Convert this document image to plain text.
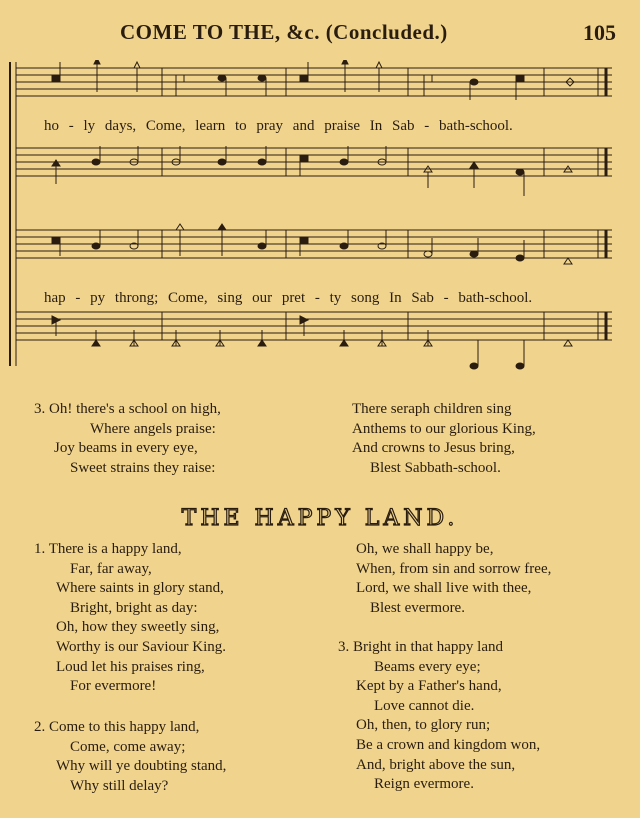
COME TO THE, &c. (Concluded.)	105
ho - ly days, Come, learn to pray and praise In Sab - bath-school.
hap - py throng; Come, sing our pret - ty song In Sab - bath-school.
3. Oh! there's a school on high,
Where angels praise:
Joy beams in every eye,
Sweet strains they raise:
There seraph children sing
Anthems to our glorious King,
And crowns to Jesus bring,
Blest Sabbath-school.
THE HAPPY LAND.
1. There is a happy land,
Far, far away,
Where saints in glory stand,
Bright, bright as day:
Oh, how they sweetly sing,
Worthy is our Saviour King.
Loud let his praises ring,
For evermore!
2. Come to this happy land,
Come, come away;
Why will ye doubting stand,
Why still delay?
Oh, we shall happy be,
When, from sin and sorrow free,
Lord, we shall live with thee,
Blest evermore.
3. Bright in that happy land
Beams every eye;
Kept by a Father's hand,
Love cannot die.
Oh, then, to glory run;
Be a crown and kingdom won,
And, bright above the sun,
Reign evermore.
